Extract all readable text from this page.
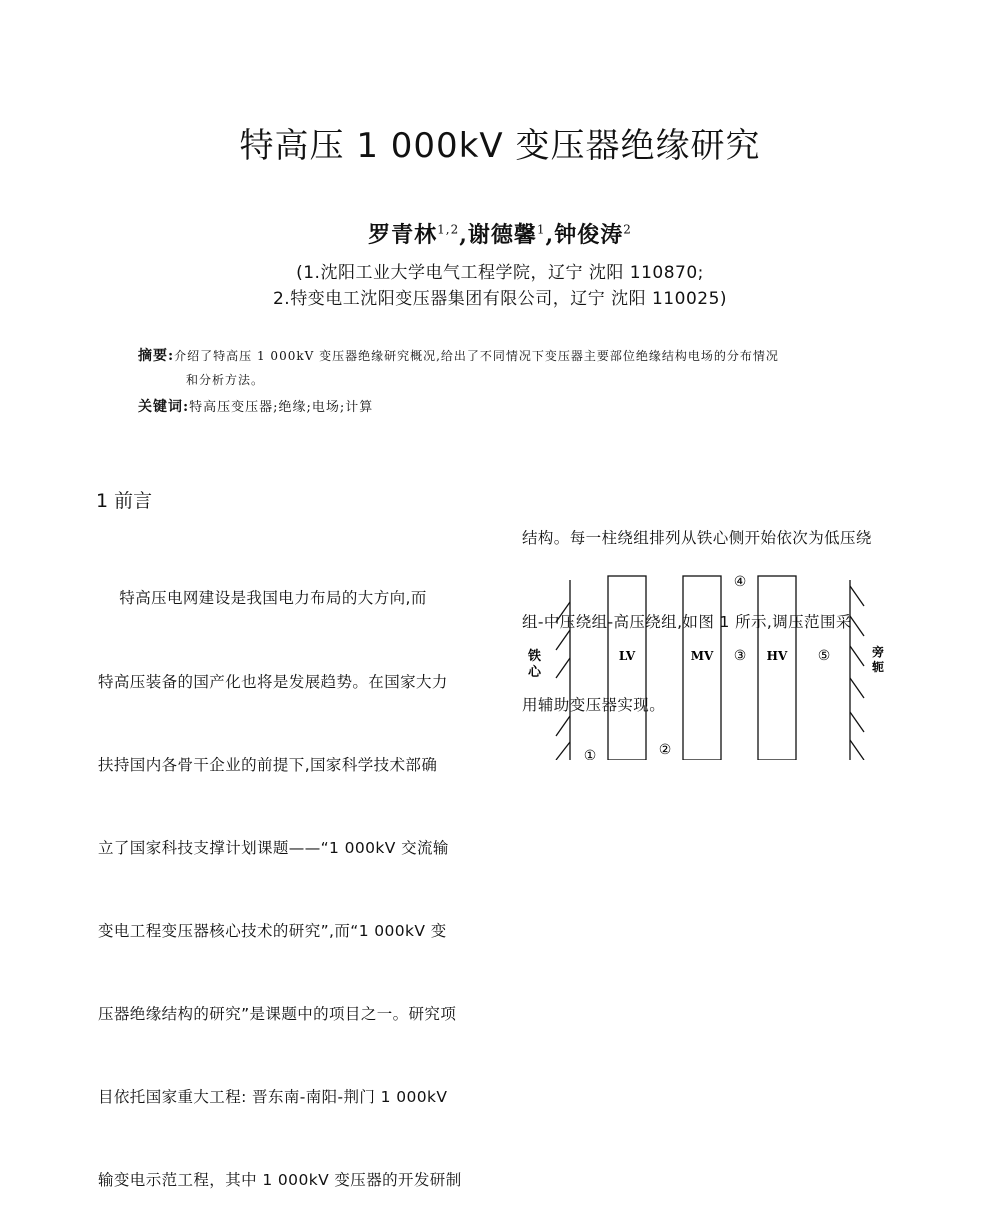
特高压 1 000kV 变压器绝缘研究
罗青林$^{1,2}$,谢德馨$^1$,钟俊涛$^2$
(1.沈阳工业大学电气工程学院，辽宁 沈阳 110870;
2.特变电工沈阳变压器集团有限公司，辽宁 沈阳 110025)
摘要:介绍了特高压 1 000kV 变压器绝缘研究概况,给出了不同情况下变压器主要部位绝缘结构电场的分布情况
和分析方法。
关键词:特高压变压器;绝缘;电场;计算
1 前言

特高压电网建设是我国电力布局的大方向,而

特高压装备的国产化也将是发展趋势。在国家大力

扶持国内各骨干企业的前提下,国家科学技术部确

立了国家科技支撑计划课题——“1 000kV 交流输

变电工程变压器核心技术的研究”,而“1 000kV 变

压器绝缘结构的研究”是课题中的项目之一。研究项

目依托国家重大工程: 晋东南-南阳-荆门 1 000kV

输变电示范工程，其中 1 000kV 变压器的开发研制

结构。每一柱绕组排列从铁心侧开始依次为低压绕

组-中压绕组-高压绕组,如图 1 所示,调压范围采

用辅助变压器实现。

铁
心
LV	MV	HV
①	②
③
④
⑤	旁
轭
